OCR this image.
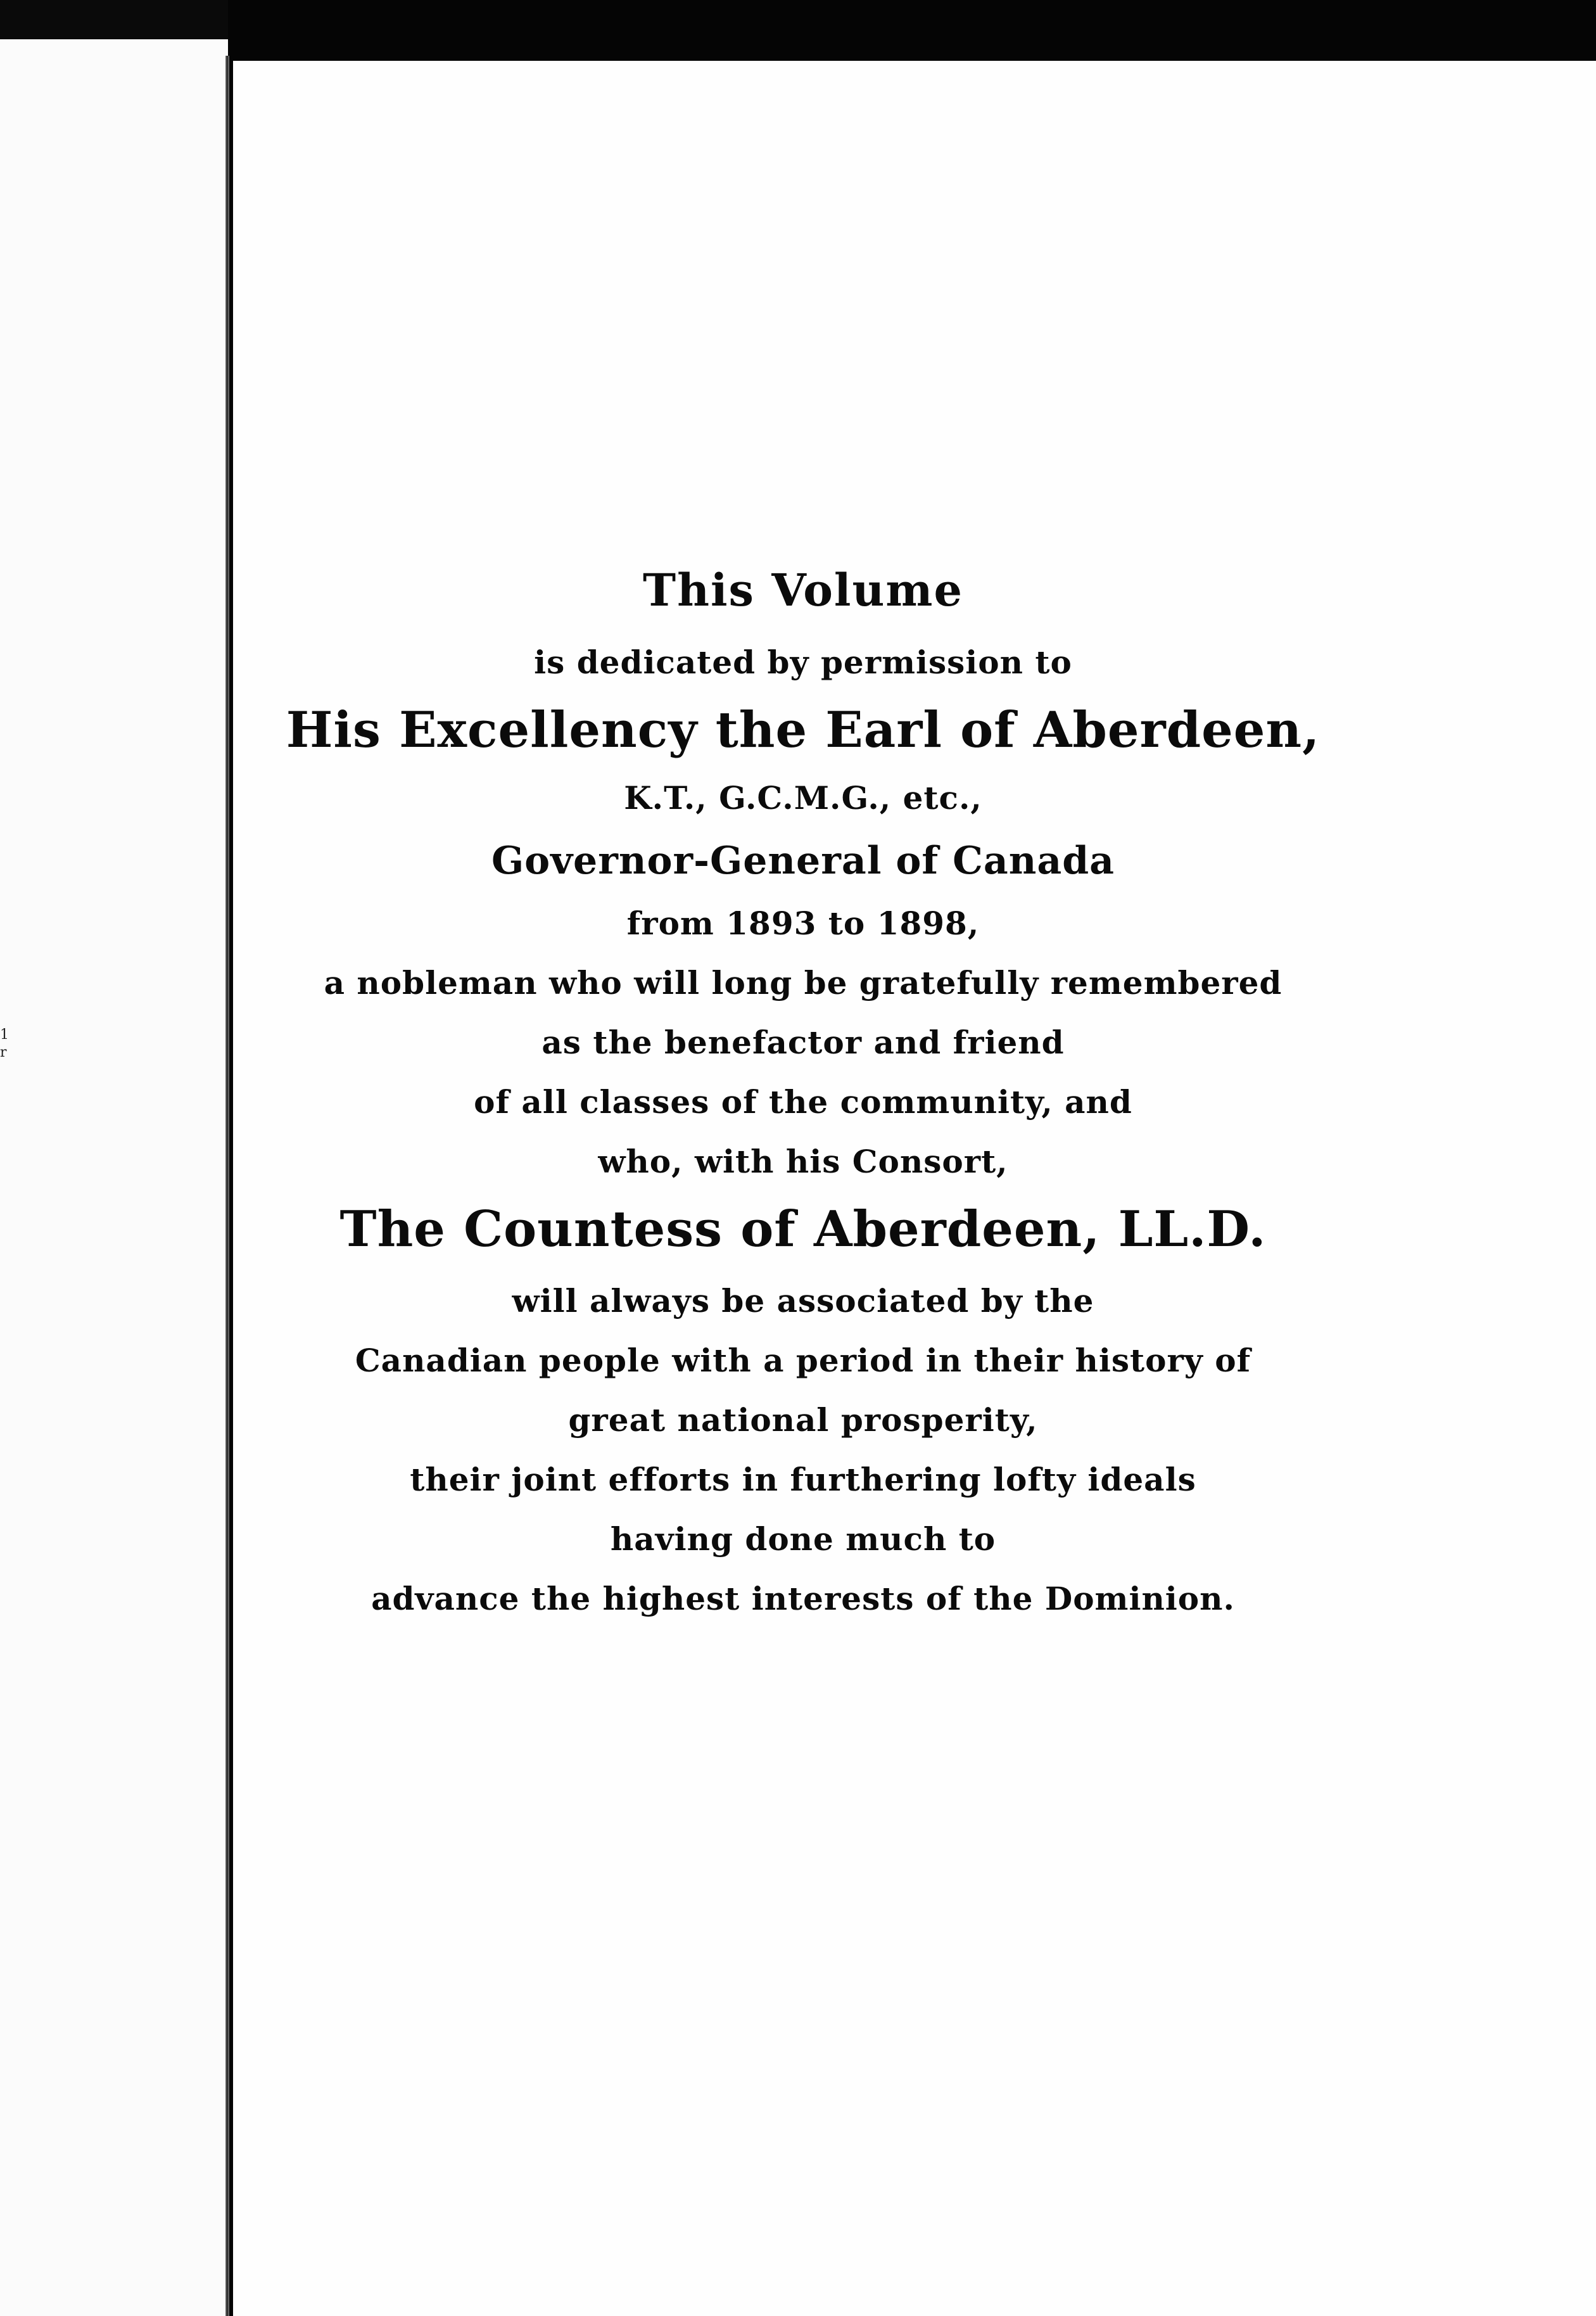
1
r
This Volume
is dedicated by permission to
His Excellency the Earl of Aberdeen,
K.T., G.C.M.G., etc.,
Governor-General of Canada
from 1893 to 1898,
a nobleman who will long be gratefully remembered
as the benefactor and friend
of all classes of the community, and
who, with his Consort,
The Countess of Aberdeen, LL.D.
will always be associated by the
Canadian people with a period in their history of
great national prosperity,
their joint efforts in furthering lofty ideals
having done much to
advance the highest interests of the Dominion.
